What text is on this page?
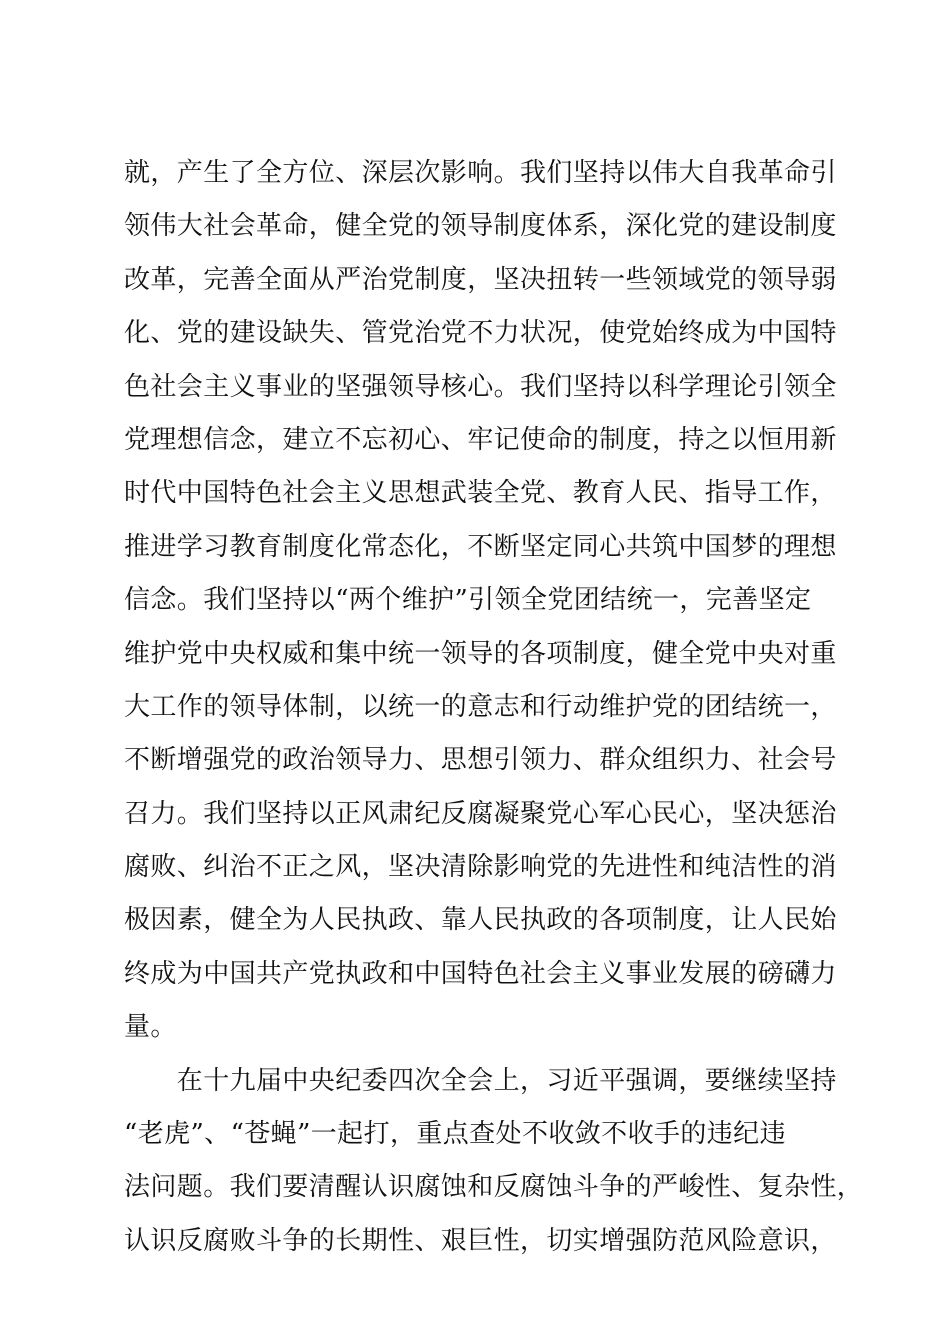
就，产生了全方位、深层次影响。我们坚持以伟大自我革命引
领伟大社会革命，健全党的领导制度体系，深化党的建设制度
改革，完善全面从严治党制度，坚决扭转一些领域党的领导弱
化、党的建设缺失、管党治党不力状况，使党始终成为中国特
色社会主义事业的坚强领导核心。我们坚持以科学理论引领全
党理想信念，建立不忘初心、牢记使命的制度，持之以恒用新
时代中国特色社会主义思想武装全党、教育人民、指导工作，
推进学习教育制度化常态化，不断坚定同心共筑中国梦的理想
信念。我们坚持以“两个维护”引领全党团结统一，完善坚定
维护党中央权威和集中统一领导的各项制度，健全党中央对重
大工作的领导体制，以统一的意志和行动维护党的团结统一，
不断增强党的政治领导力、思想引领力、群众组织力、社会号
召力。我们坚持以正风肃纪反腐凝聚党心军心民心，坚决惩治
腐败、纠治不正之风，坚决清除影响党的先进性和纯洁性的消
极因素，健全为人民执政、靠人民执政的各项制度，让人民始
终成为中国共产党执政和中国特色社会主义事业发展的磅礴力
量。
　　在十九届中央纪委四次全会上，习近平强调，要继续坚持
“老虎”、“苍蝇”一起打，重点查处不收敛不收手的违纪违
法问题。我们要清醒认识腐蚀和反腐蚀斗争的严峻性、复杂性，
认识反腐败斗争的长期性、艰巨性，切实增强防范风险意识，
